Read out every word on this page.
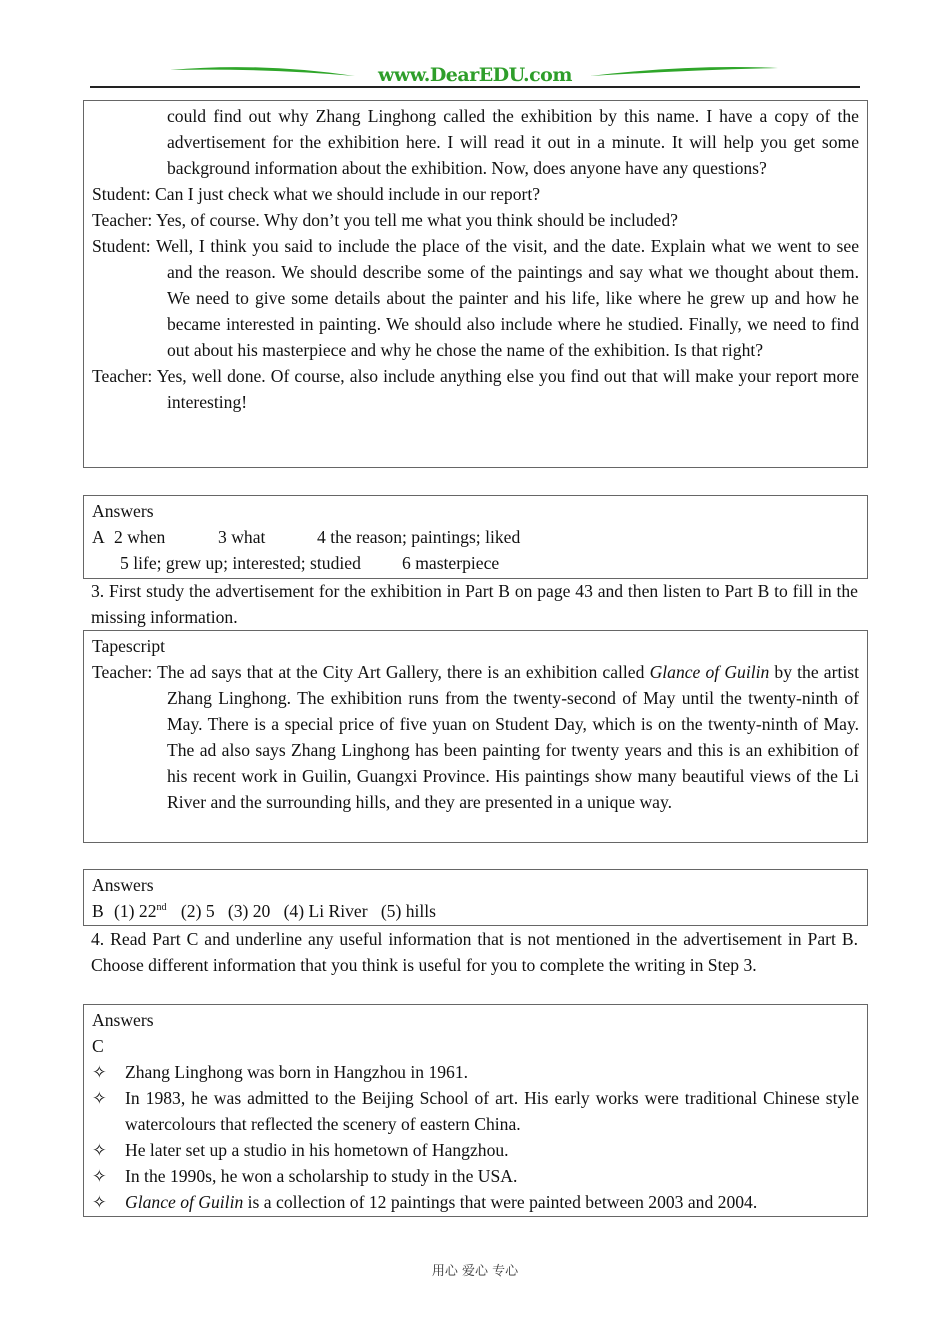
www.DearEDU.com
could find out why Zhang Linghong called the exhibition by this name. I have a copy of the advertisement for the exhibition here. I will read it out in a minute. It will help you get some background information about the exhibition. Now, does anyone have any questions?
Student: Can I just check what we should include in our report?
Teacher: Yes, of course. Why don’t you tell me what you think should be included?
Student: Well, I think you said to include the place of the visit, and the date. Explain what we went to see and the reason. We should describe some of the paintings and say what we thought about them. We need to give some details about the painter and his life, like where he grew up and how he became interested in painting. We should also include where he studied. Finally, we need to find out about his masterpiece and why he chose the name of the exhibition. Is that right?
Teacher: Yes, well done. Of course, also include anything else you find out that will make your report more interesting!
Answers
A 2 when	3 what	4 the reason; paintings; liked
5 life; grew up; interested; studied 6 masterpiece
3. First study the advertisement for the exhibition in Part B on page 43 and then listen to Part B to fill in the missing information.
Tapescript
Teacher: The ad says that at the City Art Gallery, there is an exhibition called Glance of Guilin by the artist Zhang Linghong. The exhibition runs from the twenty-second of May until the twenty-ninth of May. There is a special price of five yuan on Student Day, which is on the twenty-ninth of May. The ad also says Zhang Linghong has been painting for twenty years and this is an exhibition of his recent work in Guilin, Guangxi Province. His paintings show many beautiful views of the Li River and the surrounding hills, and they are presented in a unique way.
Answers
B (1) 22nd (2) 5 (3) 20 (4) Li River (5) hills
4. Read Part C and underline any useful information that is not mentioned in the advertisement in Part B. Choose different information that you think is useful for you to complete the writing in Step 3.
Answers
C
✧	Zhang Linghong was born in Hangzhou in 1961.
✧	In 1983, he was admitted to the Beijing School of art. His early works were traditional Chinese style watercolours that reflected the scenery of eastern China.
✧	He later set up a studio in his hometown of Hangzhou.
✧	In the 1990s, he won a scholarship to study in the USA.
✧	Glance of Guilin is a collection of 12 paintings that were painted between 2003 and 2004.
用心 爱心 专心
